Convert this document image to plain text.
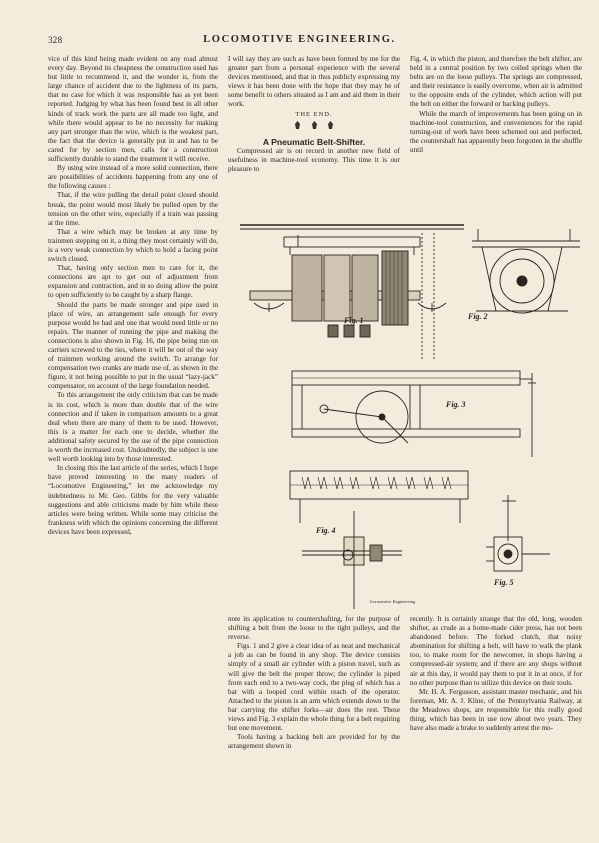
328	LOCOMOTIVE ENGINEERING.

vice of this kind being made evident on any road almost every day. Beyond its cheapness the construction used has but little to recommend it, and the wonder is, from the large chance of accident due to the lightness of its parts, that no case for which it was responsible has as yet been reported. Judging by what has been found best in all other kinds of track work the parts are all made too light, and while there would appear to be no necessity for making any part stronger than the wire, which is the weakest part, the fact that the device is generally put in and has to be cared for by section men, calls for a construction sufficiently durable to stand the treatment it will receive.

By using wire instead of a more solid connection, there are possibilities of accidents happening from any one of the following causes :

That, if the wire pulling the derail point closed should break, the point would most likely be pulled open by the tension on the other wire, especially if a train was passing at the time.

That a wire which may be broken at any time by trainmen stepping on it, a thing they most certainly will do, is a very weak connection by which to hold a facing point switch closed.

That, having only section men to care for it, the connections are apt to get out of adjustment from expansion and contraction, and in so doing allow the point to open sufficiently to be caught by a sharp flange.

Should the parts be made stronger and pipe used in place of wire, an arrangement safe enough for every purpose would be had and one that would need little or no repairs. The manner of running the pipe and making the connections is also shown in Fig. 16, the pipe being run on carriers screwed to the ties, where it will be out of the way of trainmen working around the switch. To arrange for compensation two cranks are made use of, as shown in the figure, it not being possible to put in the usual “lazy-jack” compensator, on account of the large foundation needed.

To this arrangement the only criticism that can be made is its cost, which is more than double that of the wire connection and if taken in comparison amounts to a great deal when there are many of them to be used. However, this is a matter for each one to decide, whether the additional safety secured by the use of the pipe connection is worth the increased cost. Undoubtedly, the subject is one well worth looking into by those interested.

In closing this the last article of the series, which I hope have proved interesting to the many readers of “Locomotive Engineering,” let me acknowledge my indebtedness to Mr. Geo. Gibbs for the very valuable suggestions and able criticisms made by him while these articles were being written. While some may criticise the frankness with which the opinions concerning the different devices have been expressed,

I will say they are such as have been formed by me for the greater part from a personal experience with the several devices mentioned, and that in thus publicly expressing my views it has been done with the hope that they may be of some benefit to others situated as I am and aid them in their work.

THE END.

A Pneumatic Belt-Shifter.

Compressed air is on record in another new field of usefulness in machine-tool economy. This time it is our pleasure to

Fig. 4, in which the piston, and therefore the belt shifter, are held in a central position by two coiled springs when the belts are on the loose pulleys. The springs are compressed, and their resistance is easily overcome, when air is admitted to the opposite ends of the cylinder, which action will put the belt on either the forward or backing pulleys.

While the march of improvements has been going on in machine-tool construction, and conveniences for the rapid turning-out of work have been schemed out and perfected, the countershaft has apparently been forgotten in the shuffle until

Fig. 1	Fig. 2
Fig. 3
Fig. 4
Fig. 5
Locomotive Engineering

note its application to countershafting, for the purpose of shifting a belt from the loose to the tight pulleys, and the reverse.

Figs. 1 and 2 give a clear idea of as neat and mechanical a job as can be found in any shop. The device consists simply of a small air cylinder with a piston travel, such as will give the belt the proper throw; the cylinder is piped from each end to a two-way cock, the plug of which has a bar with a looped cord within reach of the operator. Attached to the piston is an arm which extends down to the bar carrying the shifter forks—air does the rest. These views and Fig. 3 explain the whole thing for a belt requiring but one movement.

Tools having a backing belt are provided for by the arrangement shown in

recently. It is certainly strange that the old, long, wooden shifter, as crude as a home-made cider press, has not been abandoned before. The forked clutch, that noisy abomination for shifting a belt, will have to walk the plank too, to make room for the newcomer, in shops having a compressed-air system; and if there are any shops without air at this day, it would pay them to put it in at once, if for no other purpose than to utilize this device on their tools.

Mr. H. A. Fergusson, assistant master mechanic, and his foreman, Mr. A. J. Kline, of the Pennsylvania Railway, at the Meadows shops, are responsible for this really good thing, which has been in use now about two years. They have also made a brake to suddenly arrest the mo-
